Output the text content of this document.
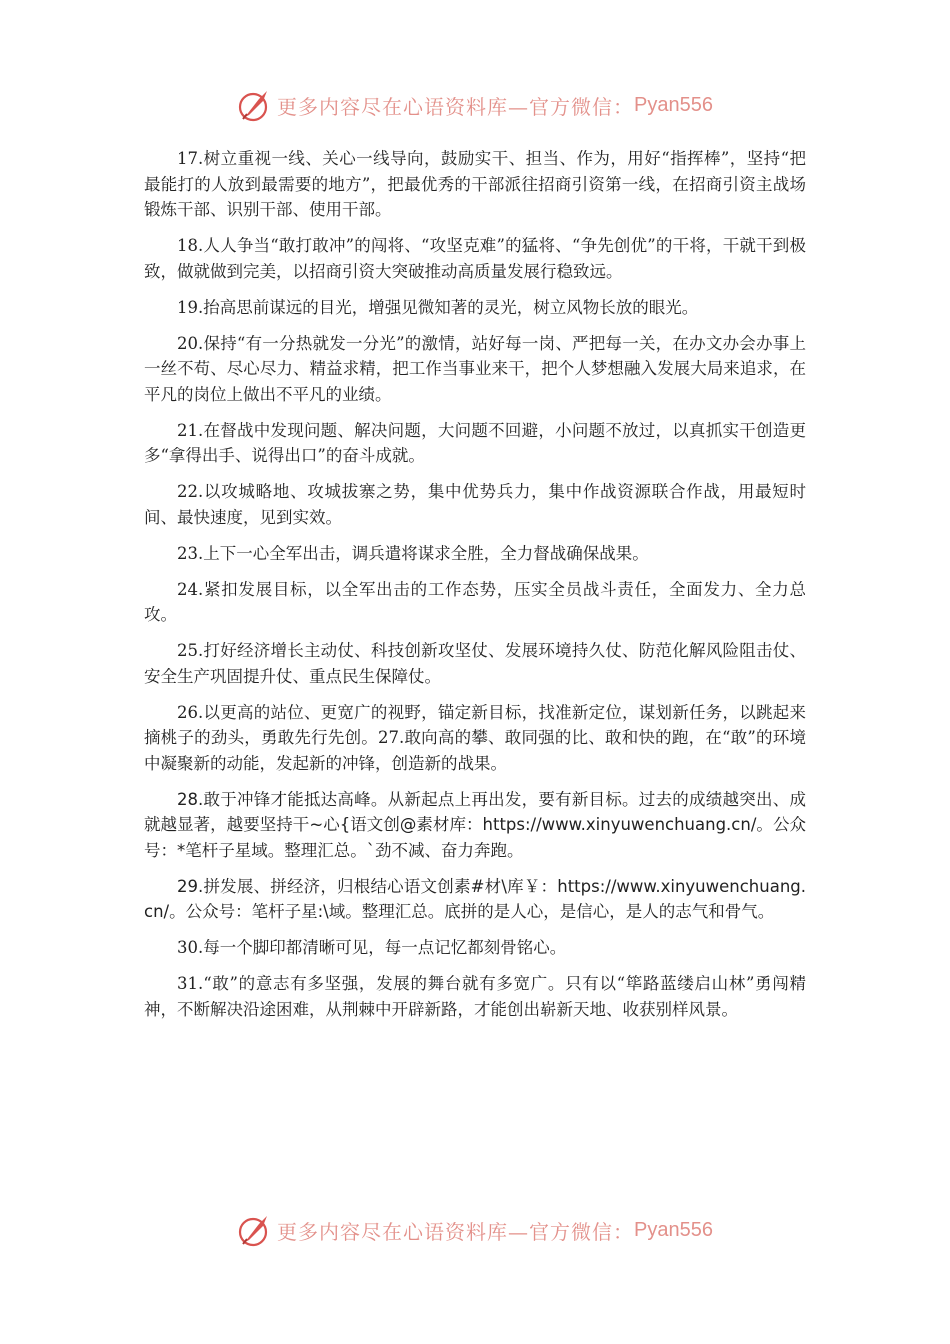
更多内容尽在心语资料库—官方微信： Pyan556

17.树立重视一线、关心一线导向，鼓励实干、担当、作为，用好“指挥棒”，坚持“把最能打的人放到最需要的地方”，把最优秀的干部派往招商引资第一线，在招商引资主战场锻炼干部、识别干部、使用干部。

18.人人争当“敢打敢冲”的闯将、“攻坚克难”的猛将、“争先创优”的干将，干就干到极致，做就做到完美，以招商引资大突破推动高质量发展行稳致远。

19.抬高思前谋远的目光，增强见微知著的灵光，树立风物长放的眼光。

20.保持“有一分热就发一分光”的激情，站好每一岗、严把每一关，在办文办会办事上一丝不苟、尽心尽力、精益求精，把工作当事业来干，把个人梦想融入发展大局来追求，在平凡的岗位上做出不平凡的业绩。

21.在督战中发现问题、解决问题，大问题不回避，小问题不放过，以真抓实干创造更多“拿得出手、说得出口”的奋斗成就。

22.以攻城略地、攻城拔寨之势，集中优势兵力，集中作战资源联合作战，用最短时间、最快速度，见到实效。

23.上下一心全军出击，调兵遣将谋求全胜，全力督战确保战果。

24.紧扣发展目标，以全军出击的工作态势，压实全员战斗责任，全面发力、全力总攻。

25.打好经济增长主动仗、科技创新攻坚仗、发展环境持久仗、防范化解风险阻击仗、安全生产巩固提升仗、重点民生保障仗。

26.以更高的站位、更宽广的视野，锚定新目标，找准新定位，谋划新任务，以跳起来摘桃子的劲头，勇敢先行先创。27.敢向高的攀、敢同强的比、敢和快的跑，在“敢”的环境中凝聚新的动能，发起新的冲锋，创造新的战果。

28.敢于冲锋才能抵达高峰。从新起点上再出发，要有新目标。过去的成绩越突出、成就越显著，越要坚持干~心{语文创@素材库：https://www.xinyuwenchuang.cn/。公众号：*笔杆子星域。整理汇总。`劲不减、奋力奔跑。

29.拼发展、拼经济，归根结心语文创素#材\库￥：https://www.xinyuwenchuang.cn/。公众号：笔杆子星:\域。整理汇总。底拼的是人心，是信心，是人的志气和骨气。

30.每一个脚印都清晰可见，每一点记忆都刻骨铭心。

31.“敢”的意志有多坚强，发展的舞台就有多宽广。只有以“筚路蓝缕启山林”勇闯精神，不断解决沿途困难，从荆棘中开辟新路，才能创出崭新天地、收获别样风景。

更多内容尽在心语资料库—官方微信： Pyan556
